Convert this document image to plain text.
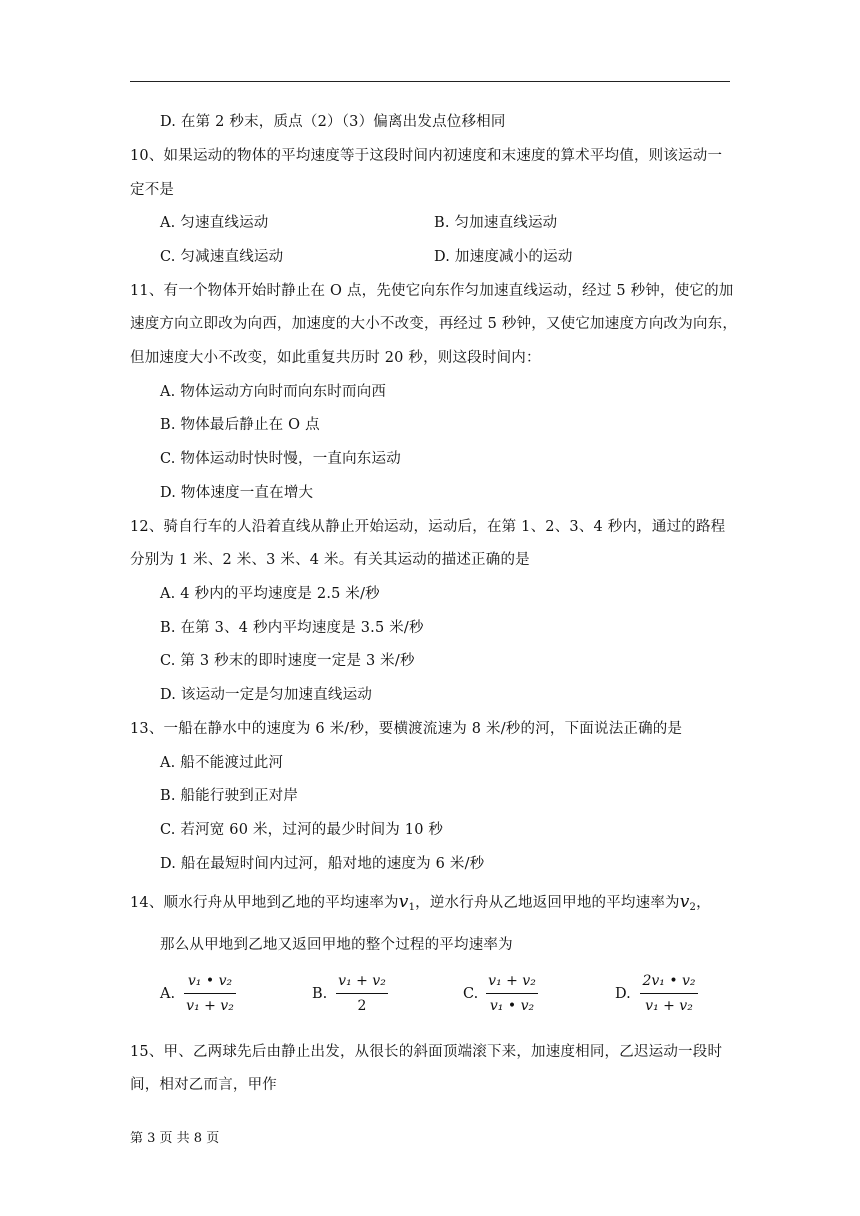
D. 在第 2 秒末，质点（2）（3）偏离出发点位移相同
10、如果运动的物体的平均速度等于这段时间内初速度和末速度的算术平均值，则该运动一
定不是
A. 匀速直线运动	B. 匀加速直线运动
C. 匀减速直线运动	D. 加速度减小的运动
11、有一个物体开始时静止在 O 点，先使它向东作匀加速直线运动，经过 5 秒钟，使它的加
速度方向立即改为向西，加速度的大小不改变，再经过 5 秒钟，又使它加速度方向改为向东，
但加速度大小不改变，如此重复共历时 20 秒，则这段时间内：
A. 物体运动方向时而向东时而向西
B. 物体最后静止在 O 点
C. 物体运动时快时慢，一直向东运动
D. 物体速度一直在增大
12、骑自行车的人沿着直线从静止开始运动，运动后，在第 1、2、3、4 秒内，通过的路程
分别为 1 米、2 米、3 米、4 米。有关其运动的描述正确的是
A. 4 秒内的平均速度是 2.5 米/秒
B. 在第 3、4 秒内平均速度是 3.5 米/秒
C. 第 3 秒末的即时速度一定是 3 米/秒
D. 该运动一定是匀加速直线运动
13、一船在静水中的速度为 6 米/秒，要横渡流速为 8 米/秒的河，下面说法正确的是
A. 船不能渡过此河
B. 船能行驶到正对岸
C. 若河宽 60 米，过河的最少时间为 10 秒
D. 船在最短时间内过河，船对地的速度为 6 米/秒
14、顺水行舟从甲地到乙地的平均速率为$v_1$，逆水行舟从乙地返回甲地的平均速率为$v_2$，
那么从甲地到乙地又返回甲地的整个过程的平均速率为
A.
v₁ • v₂
v₁ + v₂
B.
v₁ + v₂
2
C.
v₁ + v₂
v₁ • v₂
D.
2v₁ • v₂
v₁ + v₂
15、甲、乙两球先后由静止出发，从很长的斜面顶端滚下来，加速度相同，乙迟运动一段时
间，相对乙而言，甲作
第 3 页 共 8 页
